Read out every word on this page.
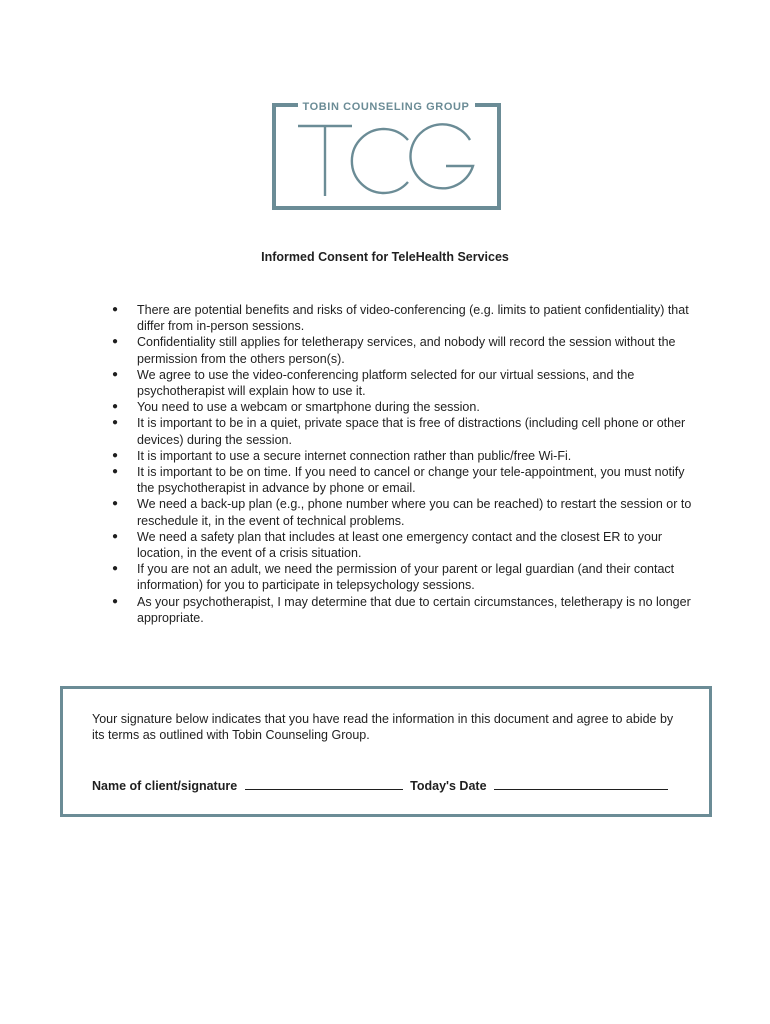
TOBIN COUNSELING GROUP
Informed Consent for TeleHealth Services
● There are potential benefits and risks of video-conferencing (e.g. limits to patient confidentiality) that differ from in-person sessions.
● Confidentiality still applies for teletherapy services, and nobody will record the session without the permission from the others person(s).
● We agree to use the video-conferencing platform selected for our virtual sessions, and the psychotherapist will explain how to use it.
● You need to use a webcam or smartphone during the session.
● It is important to be in a quiet, private space that is free of distractions (including cell phone or other devices) during the session.
● It is important to use a secure internet connection rather than public/free Wi-Fi.
● It is important to be on time. If you need to cancel or change your tele-appointment, you must notify the psychotherapist in advance by phone or email.
● We need a back-up plan (e.g., phone number where you can be reached) to restart the session or to reschedule it, in the event of technical problems.
● We need a safety plan that includes at least one emergency contact and the closest ER to your location, in the event of a crisis situation.
● If you are not an adult, we need the permission of your parent or legal guardian (and their contact information) for you to participate in telepsychology sessions.
● As your psychotherapist, I may determine that due to certain circumstances, teletherapy is no longer appropriate.
Your signature below indicates that you have read the information in this document and agree to abide by its terms as outlined with Tobin Counseling Group.
Name of client/signature	Today's Date
